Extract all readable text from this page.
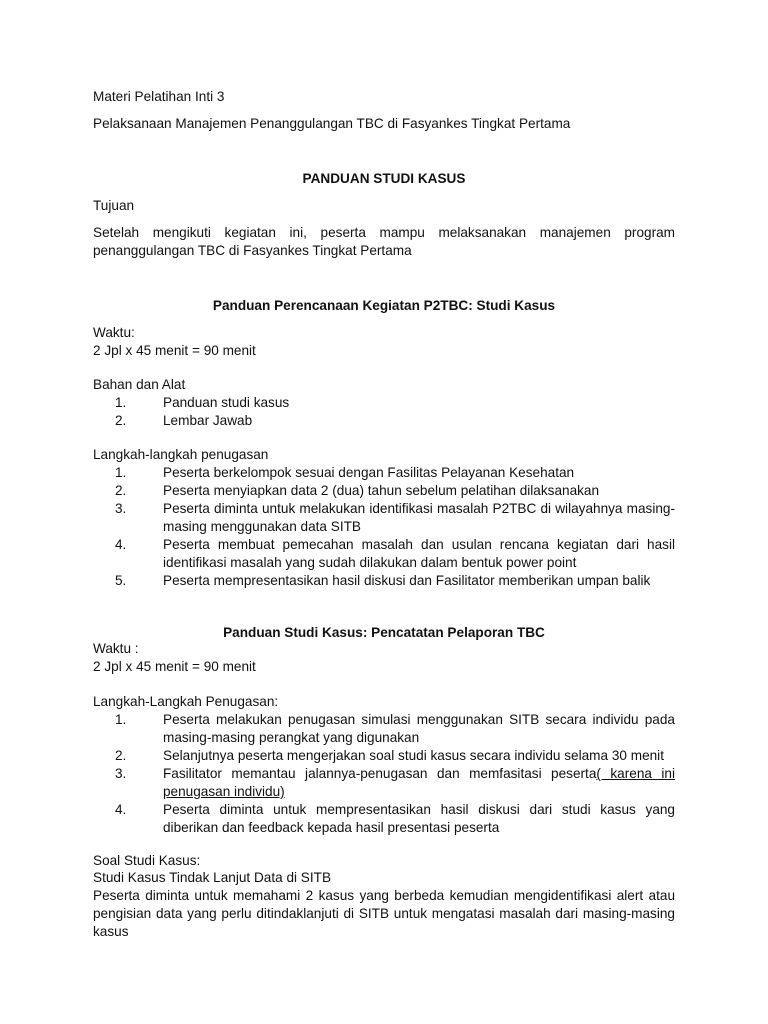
Materi Pelatihan Inti 3
Pelaksanaan Manajemen Penanggulangan TBC di Fasyankes Tingkat Pertama
PANDUAN STUDI KASUS
Tujuan
Setelah mengikuti kegiatan ini, peserta mampu melaksanakan manajemen program penanggulangan TBC di Fasyankes Tingkat Pertama
Panduan Perencanaan Kegiatan P2TBC: Studi Kasus
Waktu:
2 Jpl x 45 menit = 90 menit
Bahan dan Alat
1.	Panduan studi kasus
2.	Lembar Jawab
Langkah-langkah penugasan
1.	Peserta berkelompok sesuai dengan Fasilitas Pelayanan Kesehatan
2.	Peserta menyiapkan data 2 (dua) tahun sebelum pelatihan dilaksanakan
3.	Peserta diminta untuk melakukan identifikasi masalah P2TBC di wilayahnya masing-masing menggunakan data SITB
4.	Peserta membuat pemecahan masalah dan usulan rencana kegiatan dari hasil identifikasi masalah yang sudah dilakukan dalam bentuk power point
5.	Peserta mempresentasikan hasil diskusi dan Fasilitator memberikan umpan balik
Panduan Studi Kasus: Pencatatan Pelaporan TBC
Waktu :
2 Jpl x 45 menit = 90 menit
Langkah-Langkah Penugasan:
1.	Peserta melakukan penugasan simulasi menggunakan SITB secara individu pada masing-masing perangkat yang digunakan
2.	Selanjutnya peserta mengerjakan soal studi kasus secara individu selama 30 menit
3.	Fasilitator memantau jalannya-penugasan dan memfasitasi peserta( karena ini penugasan individu)
4.	Peserta diminta untuk mempresentasikan hasil diskusi dari studi kasus yang diberikan dan feedback kepada hasil presentasi peserta
Soal Studi Kasus:
Studi Kasus Tindak Lanjut Data di SITB
Peserta diminta untuk memahami 2 kasus yang berbeda kemudian mengidentifikasi alert atau pengisian data yang perlu ditindaklanjuti di SITB untuk mengatasi masalah dari masing-masing kasus
